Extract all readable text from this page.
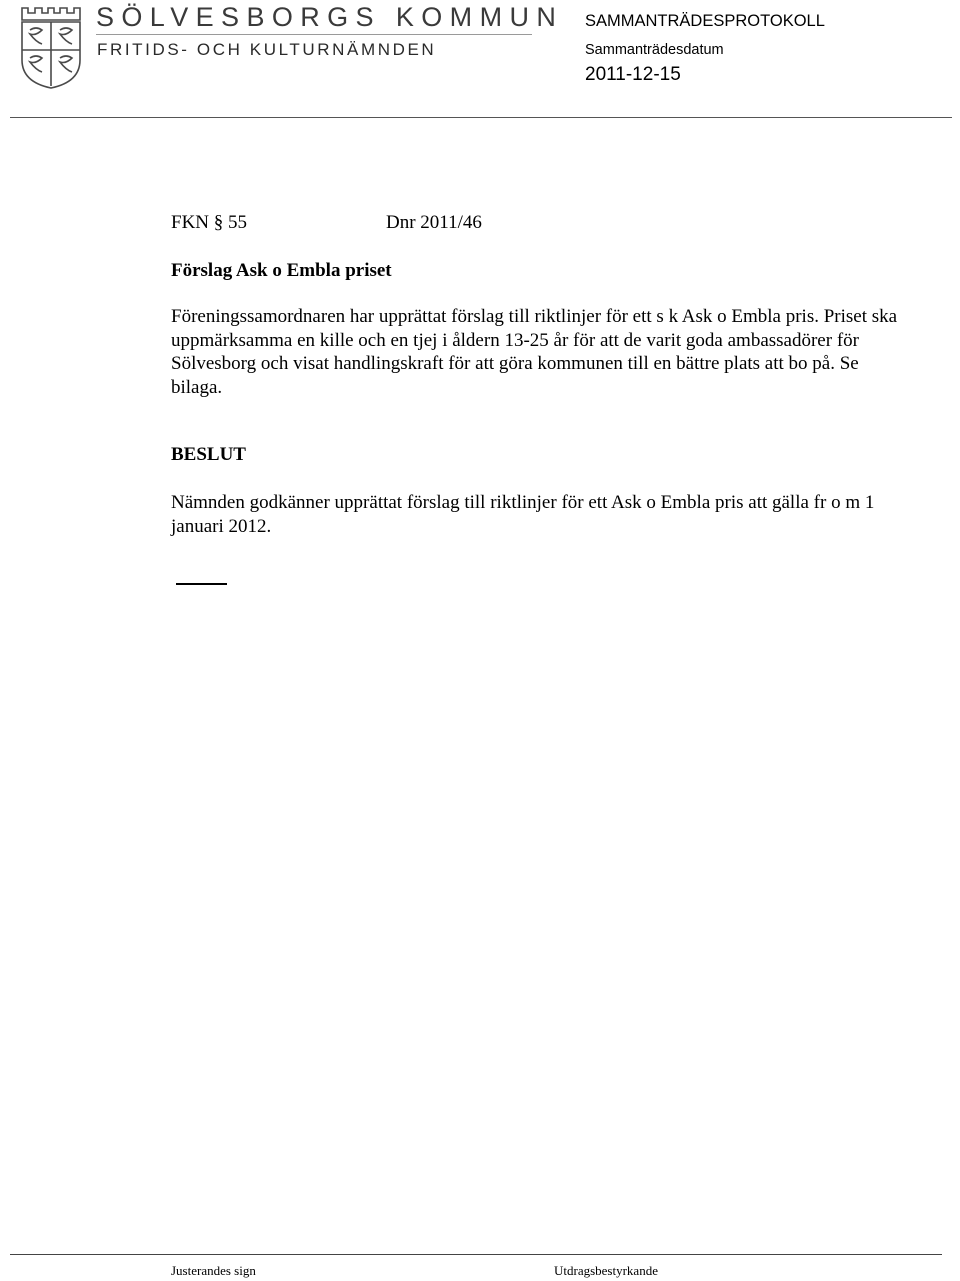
SÖLVESBORGS KOMMUN
FRITIDS- OCH KULTURNÄMNDEN
SAMMANTRÄDESPROTOKOLL
Sammanträdesdatum
2011-12-15
FKN § 55	Dnr 2011/46
Förslag Ask o Embla priset
Föreningssamordnaren har upprättat förslag till riktlinjer för ett s k Ask o Embla pris. Priset ska uppmärksamma en kille och en tjej i åldern 13-25 år för att de varit goda ambassadörer för Sölvesborg och visat handlingskraft för att göra kommunen till en bättre plats att bo på. Se bilaga.
BESLUT
Nämnden godkänner upprättat förslag till riktlinjer för ett Ask o Embla pris att gälla fr o m 1 januari 2012.
Justerandes sign	Utdragsbestyrkande
